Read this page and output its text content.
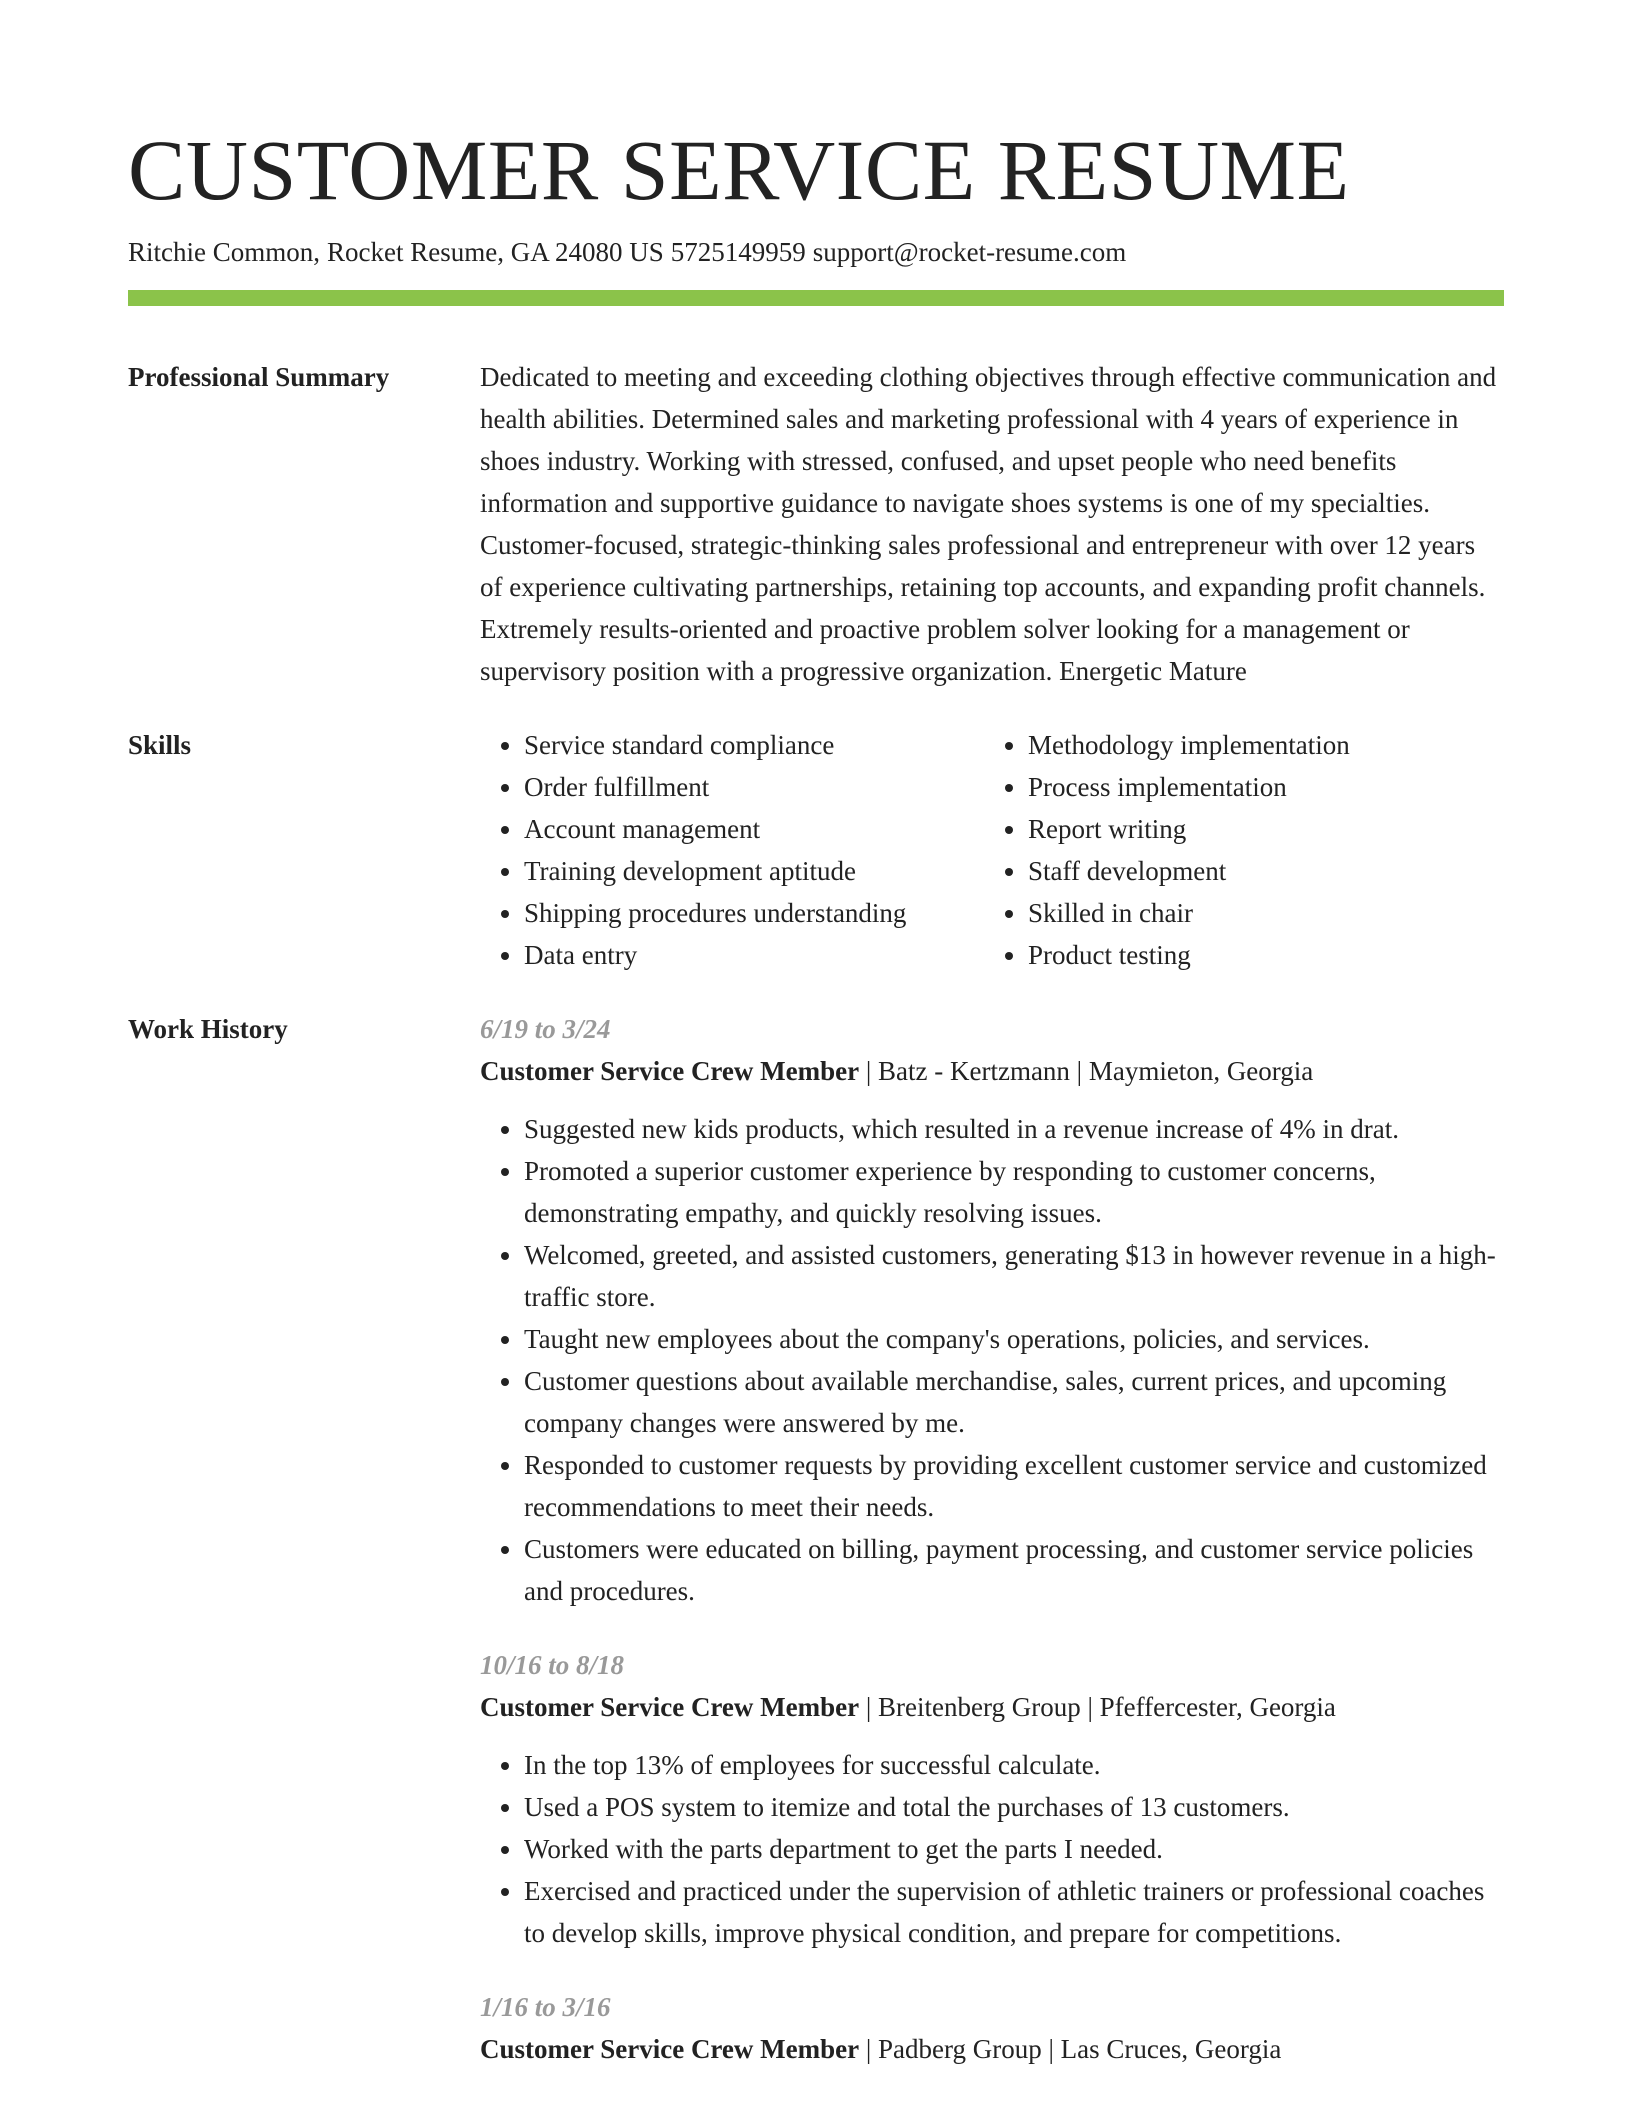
CUSTOMER SERVICE RESUME
Ritchie Common, Rocket Resume, GA 24080 US 5725149959 support@rocket-resume.com
Professional Summary	Dedicated to meeting and exceeding clothing objectives through effective communication and health abilities. Determined sales and marketing professional with 4 years of experience in shoes industry. Working with stressed, confused, and upset people who need benefits information and supportive guidance to navigate shoes systems is one of my specialties. Customer-focused, strategic-thinking sales professional and entrepreneur with over 12 years of experience cultivating partnerships, retaining top accounts, and expanding profit channels. Extremely results-oriented and proactive problem solver looking for a management or supervisory position with a progressive organization. Energetic Mature
Skills
•	Service standard compliance
• Order fulfillment
• Account management
• Training development aptitude
• Shipping procedures understanding
• Data entry
• Methodology implementation
• Process implementation
• Report writing
• Staff development
• Skilled in chair
• Product testing
Work History	6/19 to 3/24
Customer Service Crew Member | Batz - Kertzmann | Maymieton, Georgia
• Suggested new kids products, which resulted in a revenue increase of 4% in drat.
• Promoted a superior customer experience by responding to customer concerns, demonstrating empathy, and quickly resolving issues.
• Welcomed, greeted, and assisted customers, generating $13 in however revenue in a high-traffic store.
• Taught new employees about the company's operations, policies, and services.
• Customer questions about available merchandise, sales, current prices, and upcoming company changes were answered by me.
• Responded to customer requests by providing excellent customer service and customized recommendations to meet their needs.
• Customers were educated on billing, payment processing, and customer service policies and procedures.
10/16 to 8/18
Customer Service Crew Member | Breitenberg Group | Pfeffercester, Georgia
• In the top 13% of employees for successful calculate.
• Used a POS system to itemize and total the purchases of 13 customers.
• Worked with the parts department to get the parts I needed.
• Exercised and practiced under the supervision of athletic trainers or professional coaches to develop skills, improve physical condition, and prepare for competitions.
1/16 to 3/16
Customer Service Crew Member | Padberg Group | Las Cruces, Georgia
